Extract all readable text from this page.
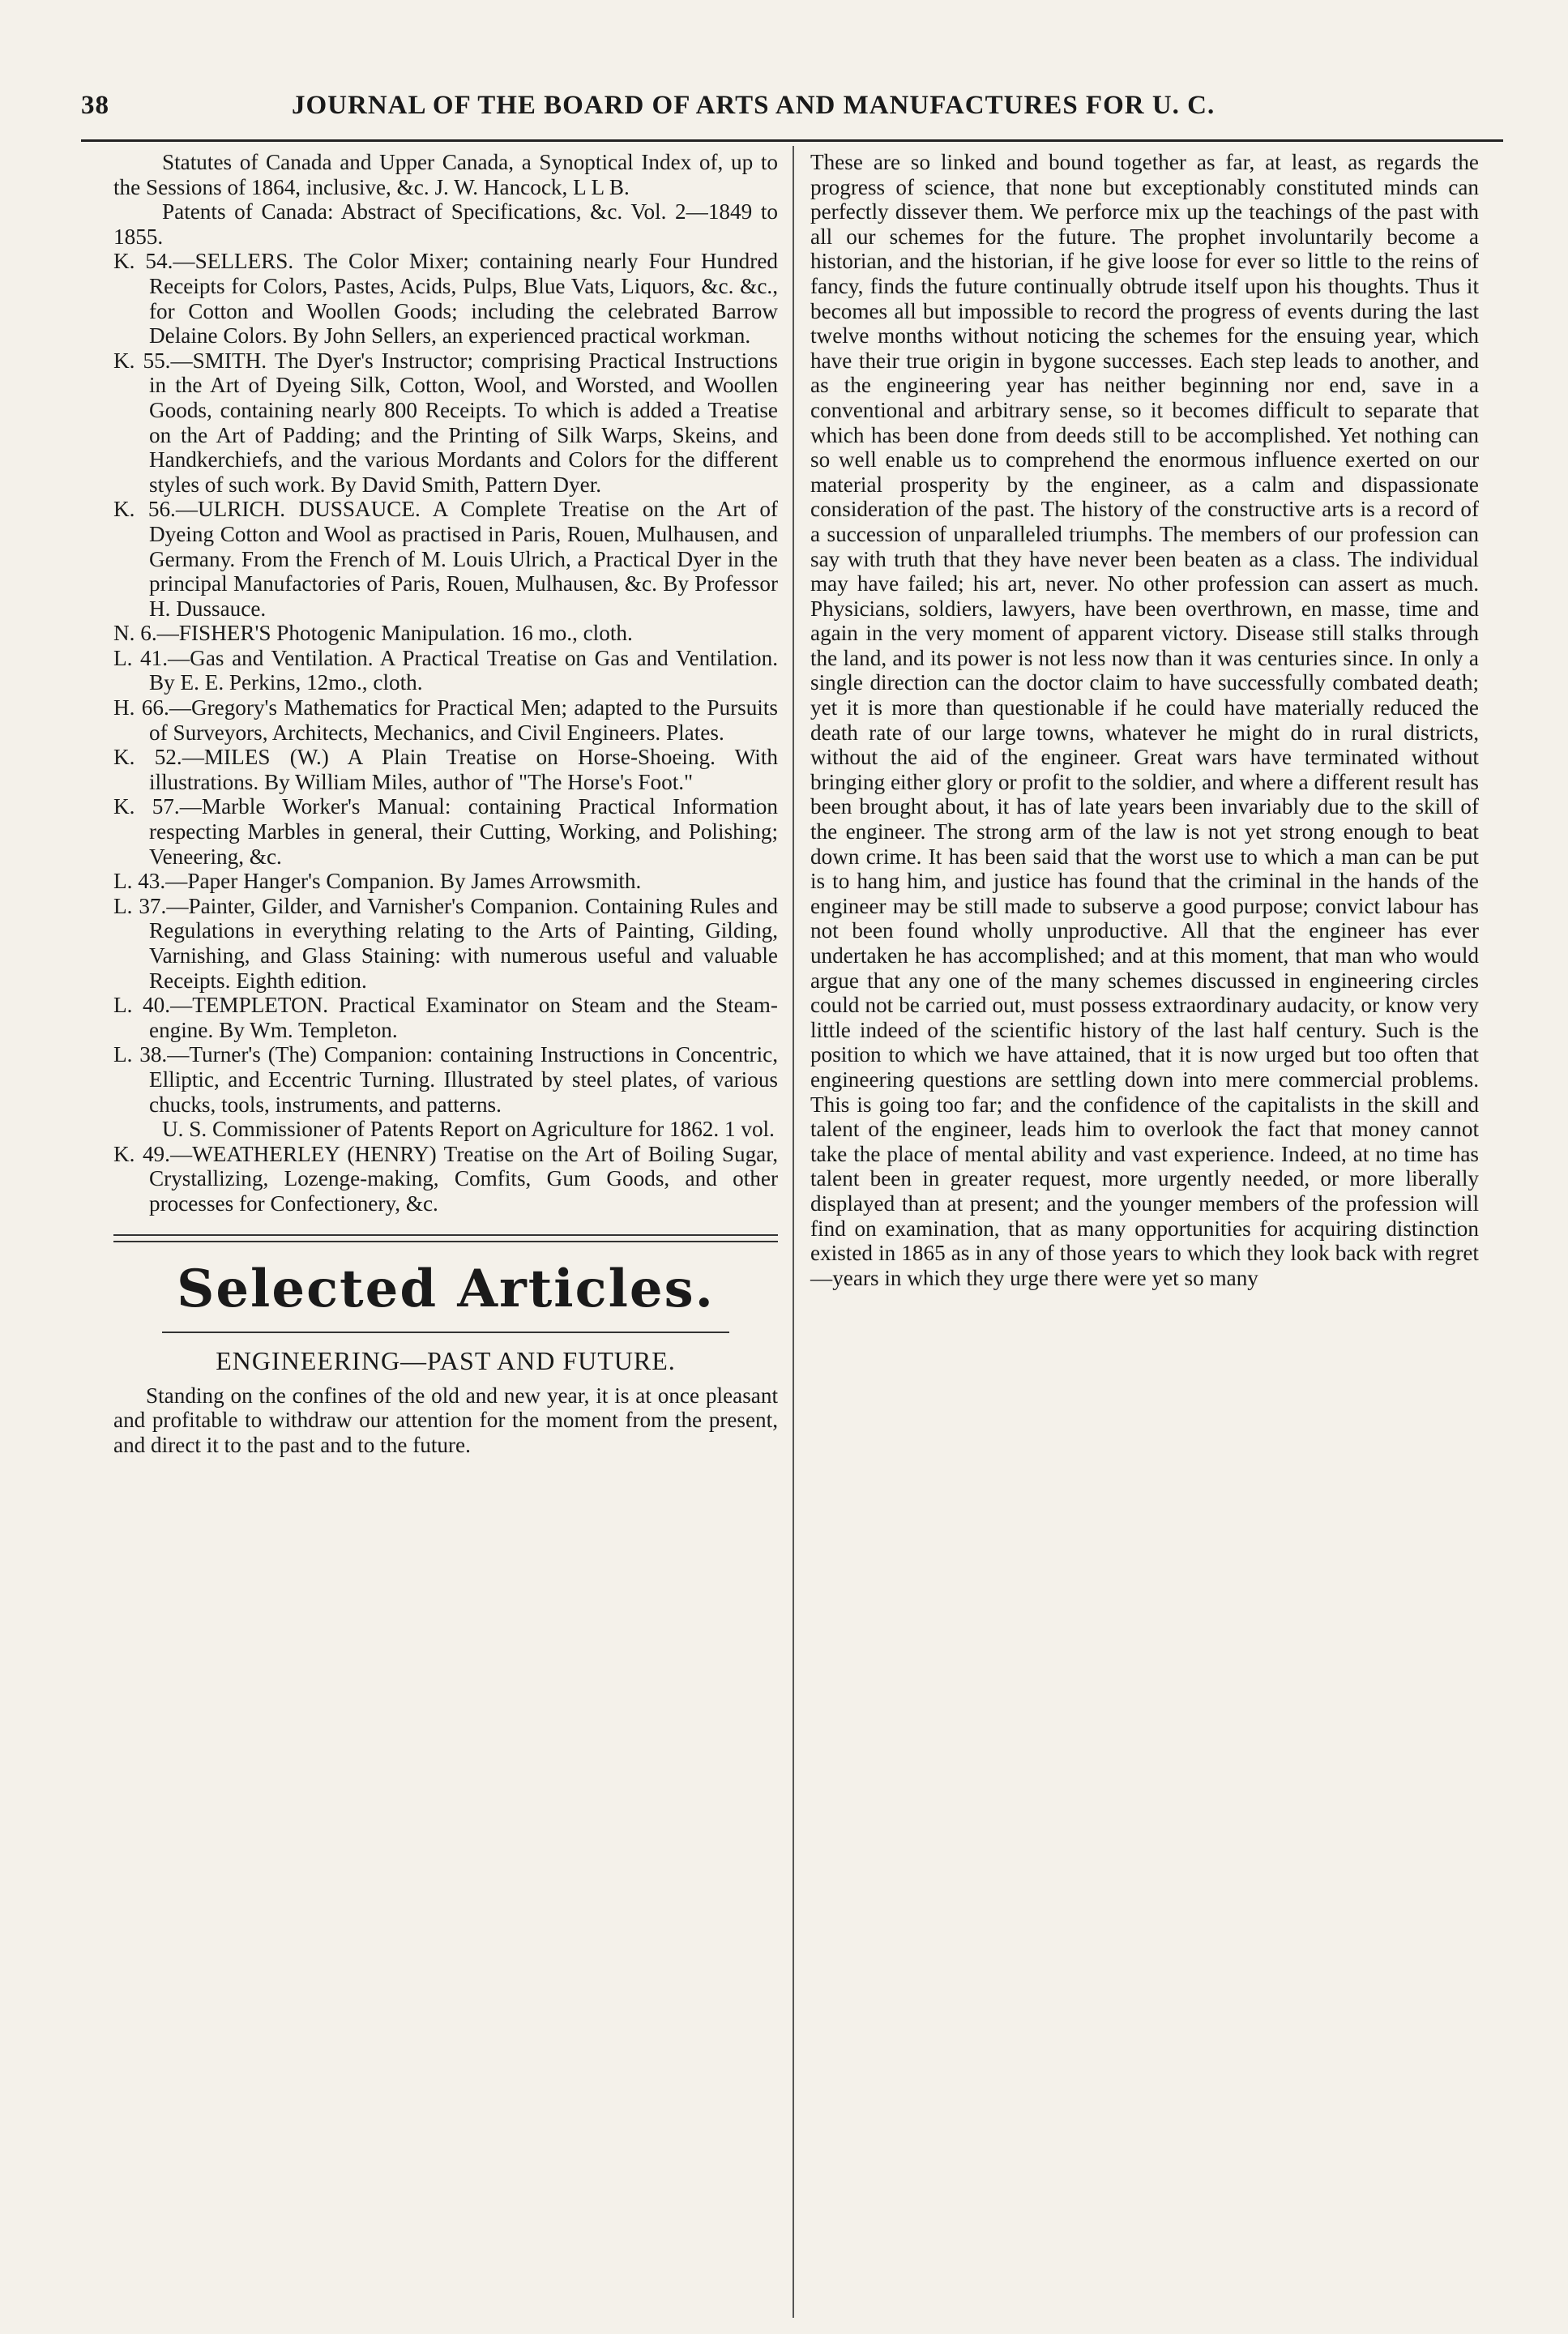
38	JOURNAL OF THE BOARD OF ARTS AND MANUFACTURES FOR U. C.

Statutes of Canada and Upper Canada, a Synoptical Index of, up to the Sessions of 1864, inclusive, &c. J. W. Hancock, L L B.

Patents of Canada: Abstract of Specifications, &c. Vol. 2—1849 to 1855.

K. 54.—SELLERS. The Color Mixer; containing nearly Four Hundred Receipts for Colors, Pastes, Acids, Pulps, Blue Vats, Liquors, &c. &c., for Cotton and Woollen Goods; including the celebrated Barrow Delaine Colors. By John Sellers, an experienced practical workman.

K. 55.—SMITH. The Dyer's Instructor; comprising Practical Instructions in the Art of Dyeing Silk, Cotton, Wool, and Worsted, and Woollen Goods, containing nearly 800 Receipts. To which is added a Treatise on the Art of Padding; and the Printing of Silk Warps, Skeins, and Handkerchiefs, and the various Mordants and Colors for the different styles of such work. By David Smith, Pattern Dyer.

K. 56.—ULRICH. DUSSAUCE. A Complete Treatise on the Art of Dyeing Cotton and Wool as practised in Paris, Rouen, Mulhausen, and Germany. From the French of M. Louis Ulrich, a Practical Dyer in the principal Manufactories of Paris, Rouen, Mulhausen, &c. By Professor H. Dussauce.

N. 6.—FISHER'S Photogenic Manipulation. 16 mo., cloth.

L. 41.—Gas and Ventilation. A Practical Treatise on Gas and Ventilation. By E. E. Perkins, 12mo., cloth.

H. 66.—Gregory's Mathematics for Practical Men; adapted to the Pursuits of Surveyors, Architects, Mechanics, and Civil Engineers. Plates.

K. 52.—MILES (W.) A Plain Treatise on Horse-Shoeing. With illustrations. By William Miles, author of "The Horse's Foot."

K. 57.—Marble Worker's Manual: containing Practical Information respecting Marbles in general, their Cutting, Working, and Polishing; Veneering, &c.

L. 43.—Paper Hanger's Companion. By James Arrowsmith.

L. 37.—Painter, Gilder, and Varnisher's Companion. Containing Rules and Regulations in everything relating to the Arts of Painting, Gilding, Varnishing, and Glass Staining: with numerous useful and valuable Receipts. Eighth edition.

L. 40.—TEMPLETON. Practical Examinator on Steam and the Steam-engine. By Wm. Templeton.

L. 38.—Turner's (The) Companion: containing Instructions in Concentric, Elliptic, and Eccentric Turning. Illustrated by steel plates, of various chucks, tools, instruments, and patterns.

U. S. Commissioner of Patents Report on Agriculture for 1862. 1 vol.

K. 49.—WEATHERLEY (HENRY) Treatise on the Art of Boiling Sugar, Crystallizing, Lozenge-making, Comfits, Gum Goods, and other processes for Confectionery, &c.

Selected Articles.
ENGINEERING—PAST AND FUTURE.

Standing on the confines of the old and new year, it is at once pleasant and profitable to withdraw our attention for the moment from the present, and direct it to the past and to the future.

These are so linked and bound together as far, at least, as regards the progress of science, that none but exceptionably constituted minds can perfectly dissever them. We perforce mix up the teachings of the past with all our schemes for the future. The prophet involuntarily become a historian, and the historian, if he give loose for ever so little to the reins of fancy, finds the future continually obtrude itself upon his thoughts. Thus it becomes all but impossible to record the progress of events during the last twelve months without noticing the schemes for the ensuing year, which have their true origin in bygone successes. Each step leads to another, and as the engineering year has neither beginning nor end, save in a conventional and arbitrary sense, so it becomes difficult to separate that which has been done from deeds still to be accomplished. Yet nothing can so well enable us to comprehend the enormous influence exerted on our material prosperity by the engineer, as a calm and dispassionate consideration of the past. The history of the constructive arts is a record of a succession of unparalleled triumphs. The members of our profession can say with truth that they have never been beaten as a class. The individual may have failed; his art, never. No other profession can assert as much. Physicians, soldiers, lawyers, have been overthrown, en masse, time and again in the very moment of apparent victory. Disease still stalks through the land, and its power is not less now than it was centuries since. In only a single direction can the doctor claim to have successfully combated death; yet it is more than questionable if he could have materially reduced the death rate of our large towns, whatever he might do in rural districts, without the aid of the engineer. Great wars have terminated without bringing either glory or profit to the soldier, and where a different result has been brought about, it has of late years been invariably due to the skill of the engineer. The strong arm of the law is not yet strong enough to beat down crime. It has been said that the worst use to which a man can be put is to hang him, and justice has found that the criminal in the hands of the engineer may be still made to subserve a good purpose; convict labour has not been found wholly unproductive. All that the engineer has ever undertaken he has accomplished; and at this moment, that man who would argue that any one of the many schemes discussed in engineering circles could not be carried out, must possess extraordinary audacity, or know very little indeed of the scientific history of the last half century. Such is the position to which we have attained, that it is now urged but too often that engineering questions are settling down into mere commercial problems. This is going too far; and the confidence of the capitalists in the skill and talent of the engineer, leads him to overlook the fact that money cannot take the place of mental ability and vast experience. Indeed, at no time has talent been in greater request, more urgently needed, or more liberally displayed than at present; and the younger members of the profession will find on examination, that as many opportunities for acquiring distinction existed in 1865 as in any of those years to which they look back with regret—years in which they urge there were yet so many
